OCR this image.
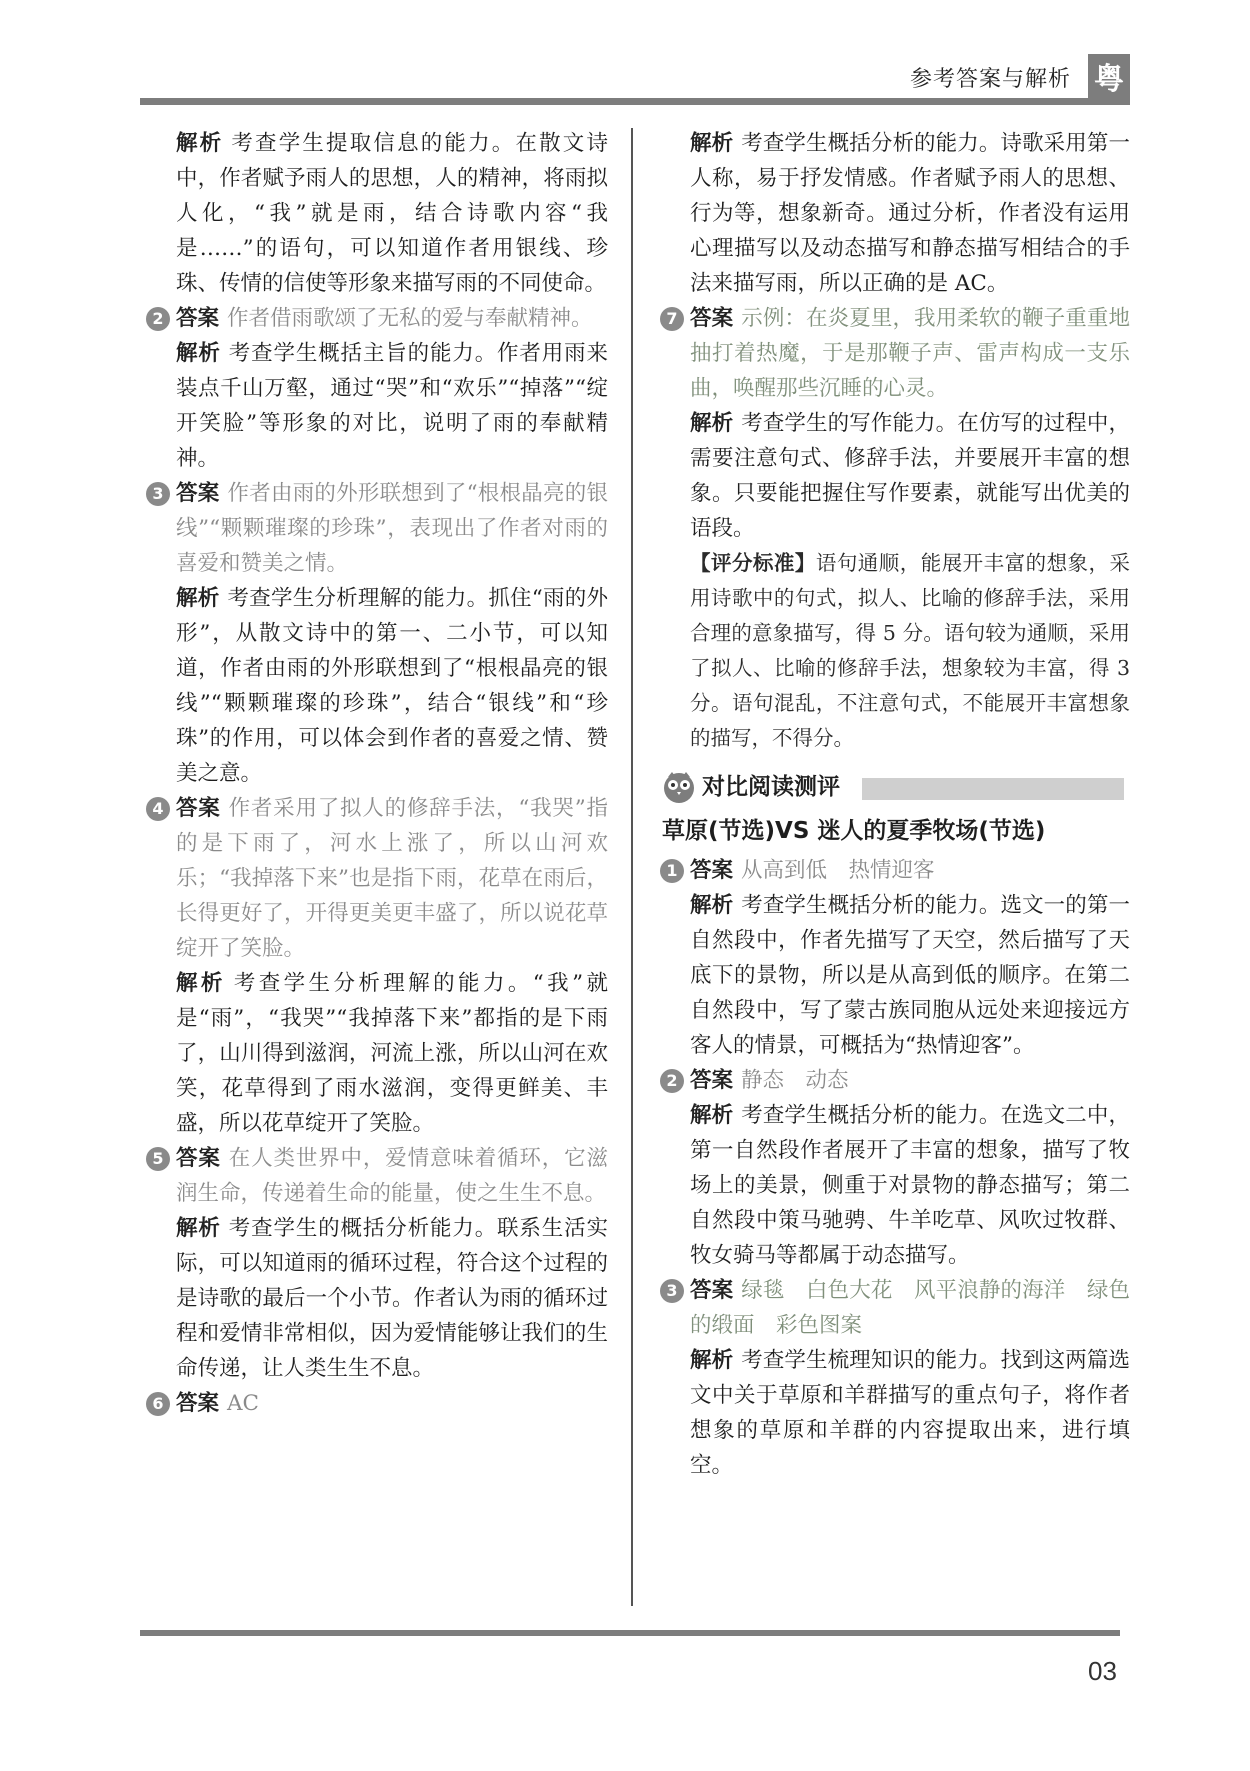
参考答案与解析 粤
解析 考查学生提取信息的能力。在散文诗中，作者赋予雨人的思想，人的精神，将雨拟人化，“我”就是雨，结合诗歌内容“我是……”的语句，可以知道作者用银线、珍珠、传情的信使等形象来描写雨的不同使命。
2 答案 作者借雨歌颂了无私的爱与奉献精神。
解析 考查学生概括主旨的能力。作者用雨来装点千山万壑，通过“哭”和“欢乐”“掉落”“绽开笑脸”等形象的对比，说明了雨的奉献精神。
3 答案 作者由雨的外形联想到了“根根晶亮的银线”“颗颗璀璨的珍珠”，表现出了作者对雨的喜爱和赞美之情。
解析 考查学生分析理解的能力。抓住“雨的外形”，从散文诗中的第一、二小节，可以知道，作者由雨的外形联想到了“根根晶亮的银线”“颗颗璀璨的珍珠”，结合“银线”和“珍珠”的作用，可以体会到作者的喜爱之情、赞美之意。
4 答案 作者采用了拟人的修辞手法，“我哭”指的是下雨了，河水上涨了，所以山河欢乐；“我掉落下来”也是指下雨，花草在雨后，长得更好了，开得更美更丰盛了，所以说花草绽开了笑脸。
解析 考查学生分析理解的能力。“我”就是“雨”，“我哭”“我掉落下来”都指的是下雨了，山川得到滋润，河流上涨，所以山河在欢笑，花草得到了雨水滋润，变得更鲜美、丰盛，所以花草绽开了笑脸。
5 答案 在人类世界中，爱情意味着循环，它滋润生命，传递着生命的能量，使之生生不息。
解析 考查学生的概括分析能力。联系生活实际，可以知道雨的循环过程，符合这个过程的是诗歌的最后一个小节。作者认为雨的循环过程和爱情非常相似，因为爱情能够让我们的生命传递，让人类生生不息。
6 答案 AC
解析 考查学生概括分析的能力。诗歌采用第一人称，易于抒发情感。作者赋予雨人的思想、行为等，想象新奇。通过分析，作者没有运用心理描写以及动态描写和静态描写相结合的手法来描写雨，所以正确的是 AC。
7 答案 示例：在炎夏里，我用柔软的鞭子重重地抽打着热魔，于是那鞭子声、雷声构成一支乐曲，唤醒那些沉睡的心灵。
解析 考查学生的写作能力。在仿写的过程中，需要注意句式、修辞手法，并要展开丰富的想象。只要能把握住写作要素，就能写出优美的语段。
【评分标准】语句通顺，能展开丰富的想象，采用诗歌中的句式，拟人、比喻的修辞手法，采用合理的意象描写，得 5 分。语句较为通顺，采用了拟人、比喻的修辞手法，想象较为丰富，得 3 分。语句混乱，不注意句式，不能展开丰富想象的描写，不得分。
对比阅读测评
草原(节选)VS 迷人的夏季牧场(节选)
1 答案 从高到低　热情迎客
解析 考查学生概括分析的能力。选文一的第一自然段中，作者先描写了天空，然后描写了天底下的景物，所以是从高到低的顺序。在第二自然段中，写了蒙古族同胞从远处来迎接远方客人的情景，可概括为“热情迎客”。
2 答案 静态　动态
解析 考查学生概括分析的能力。在选文二中，第一自然段作者展开了丰富的想象，描写了牧场上的美景，侧重于对景物的静态描写；第二自然段中策马驰骋、牛羊吃草、风吹过牧群、牧女骑马等都属于动态描写。
3 答案 绿毯　白色大花　风平浪静的海洋　绿色的缎面　彩色图案
解析 考查学生梳理知识的能力。找到这两篇选文中关于草原和羊群描写的重点句子，将作者想象的草原和羊群的内容提取出来，进行填空。
03
